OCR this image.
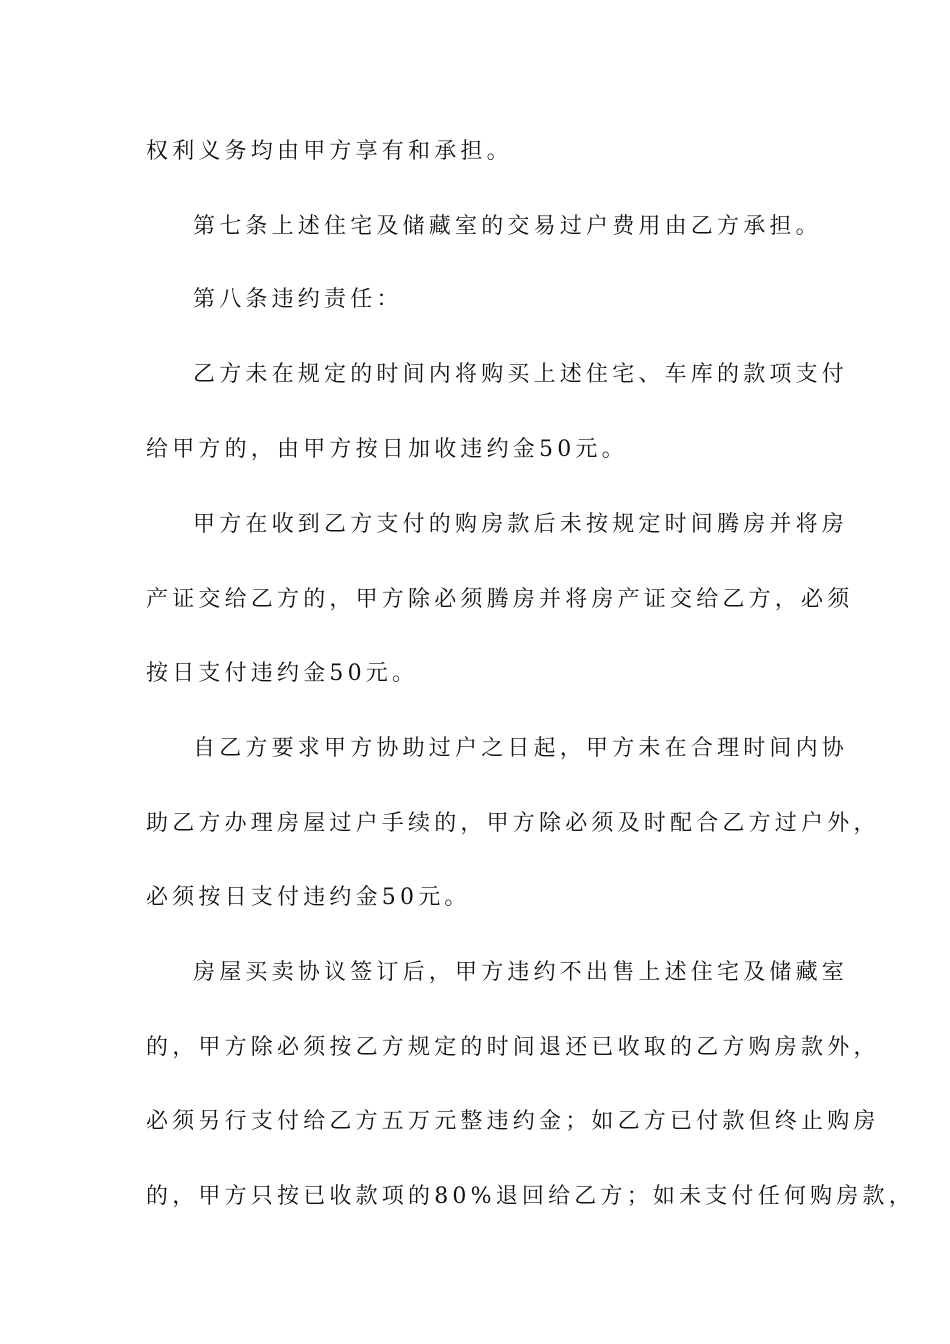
权利义务均由甲方享有和承担。
第七条上述住宅及储藏室的交易过户费用由乙方承担。
第八条违约责任：
乙方未在规定的时间内将购买上述住宅、车库的款项支付
给甲方的，由甲方按日加收违约金50元。
甲方在收到乙方支付的购房款后未按规定时间腾房并将房
产证交给乙方的，甲方除必须腾房并将房产证交给乙方，必须
按日支付违约金50元。
自乙方要求甲方协助过户之日起，甲方未在合理时间内协
助乙方办理房屋过户手续的，甲方除必须及时配合乙方过户外，
必须按日支付违约金50元。
房屋买卖协议签订后，甲方违约不出售上述住宅及储藏室
的，甲方除必须按乙方规定的时间退还已收取的乙方购房款外，
必须另行支付给乙方五万元整违约金；如乙方已付款但终止购房
的，甲方只按已收款项的80%退回给乙方；如未支付任何购房款，
